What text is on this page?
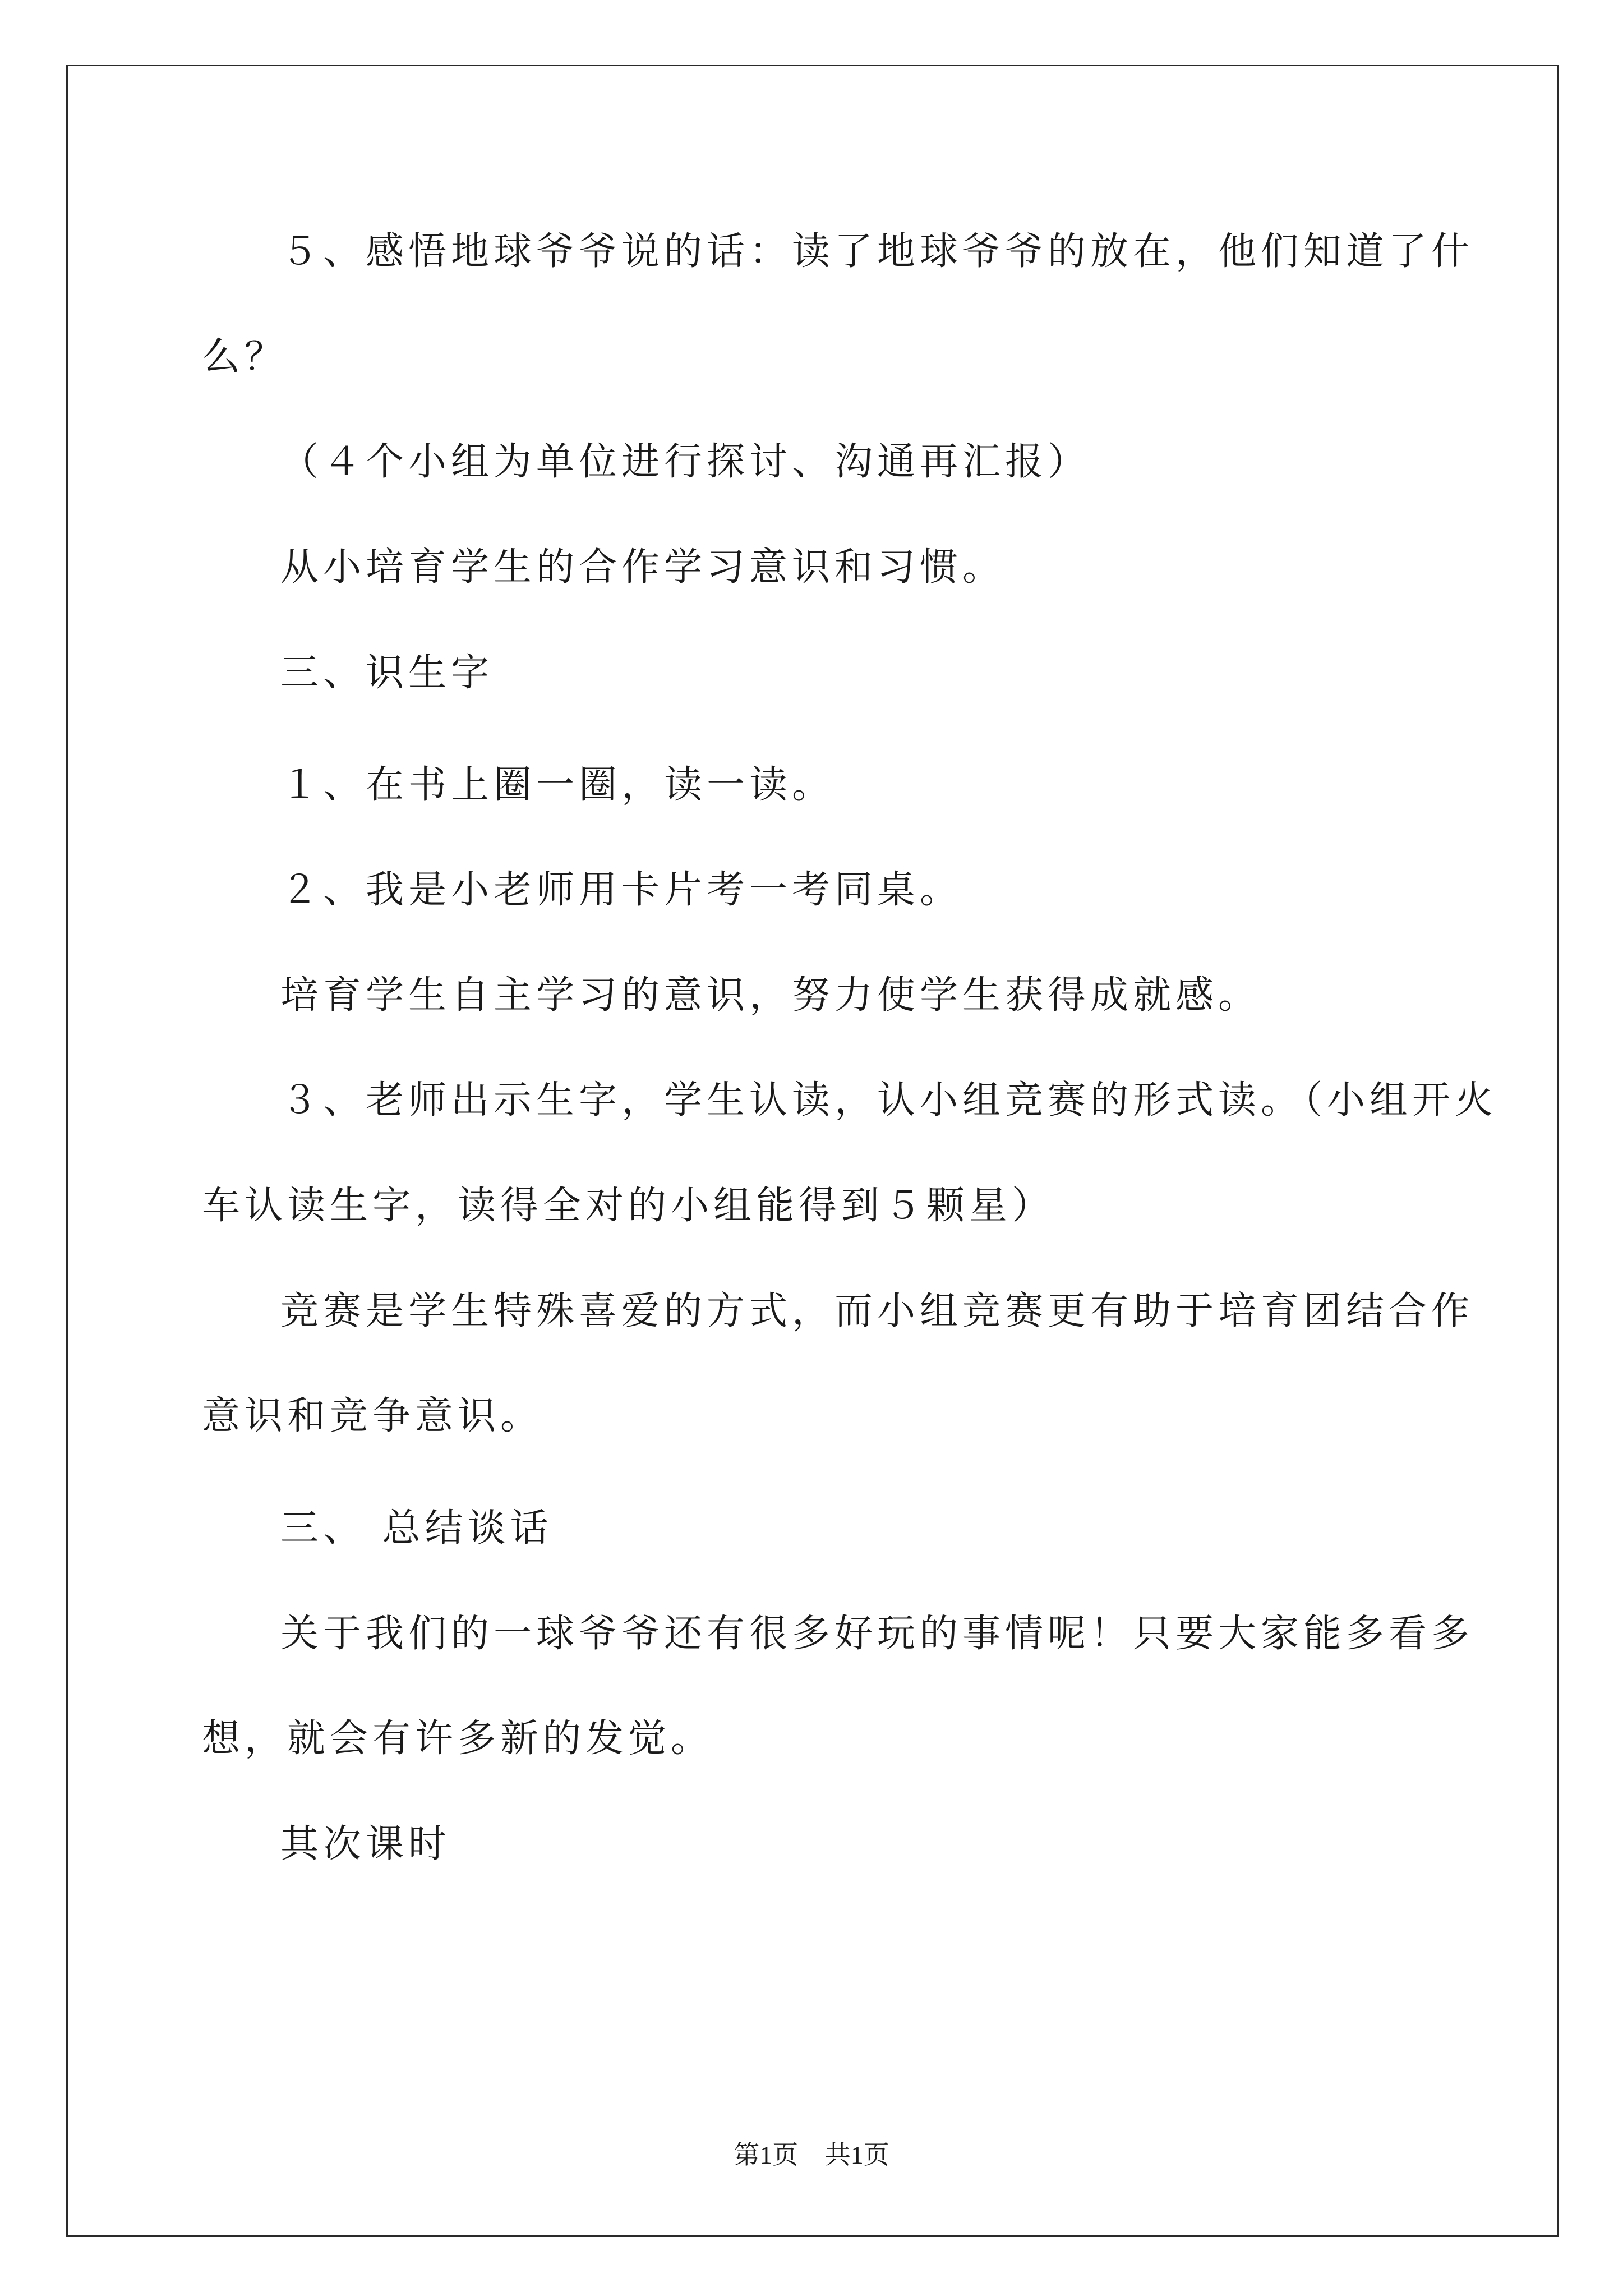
５、感悟地球爷爷说的话：读了地球爷爷的放在，他们知道了什
么？
（４个小组为单位进行探讨、沟通再汇报）
从小培育学生的合作学习意识和习惯。
三、识生字
１、在书上圈一圈，读一读。
２、我是小老师用卡片考一考同桌。
培育学生自主学习的意识，努力使学生获得成就感。
３、老师出示生字，学生认读，认小组竞赛的形式读。（小组开火
车认读生字，读得全对的小组能得到５颗星）
竞赛是学生特殊喜爱的方式，而小组竞赛更有助于培育团结合作
意识和竞争意识。
三、 总结谈话
关于我们的一球爷爷还有很多好玩的事情呢！只要大家能多看多
想，就会有许多新的发觉。
其次课时
第1页 共1页
